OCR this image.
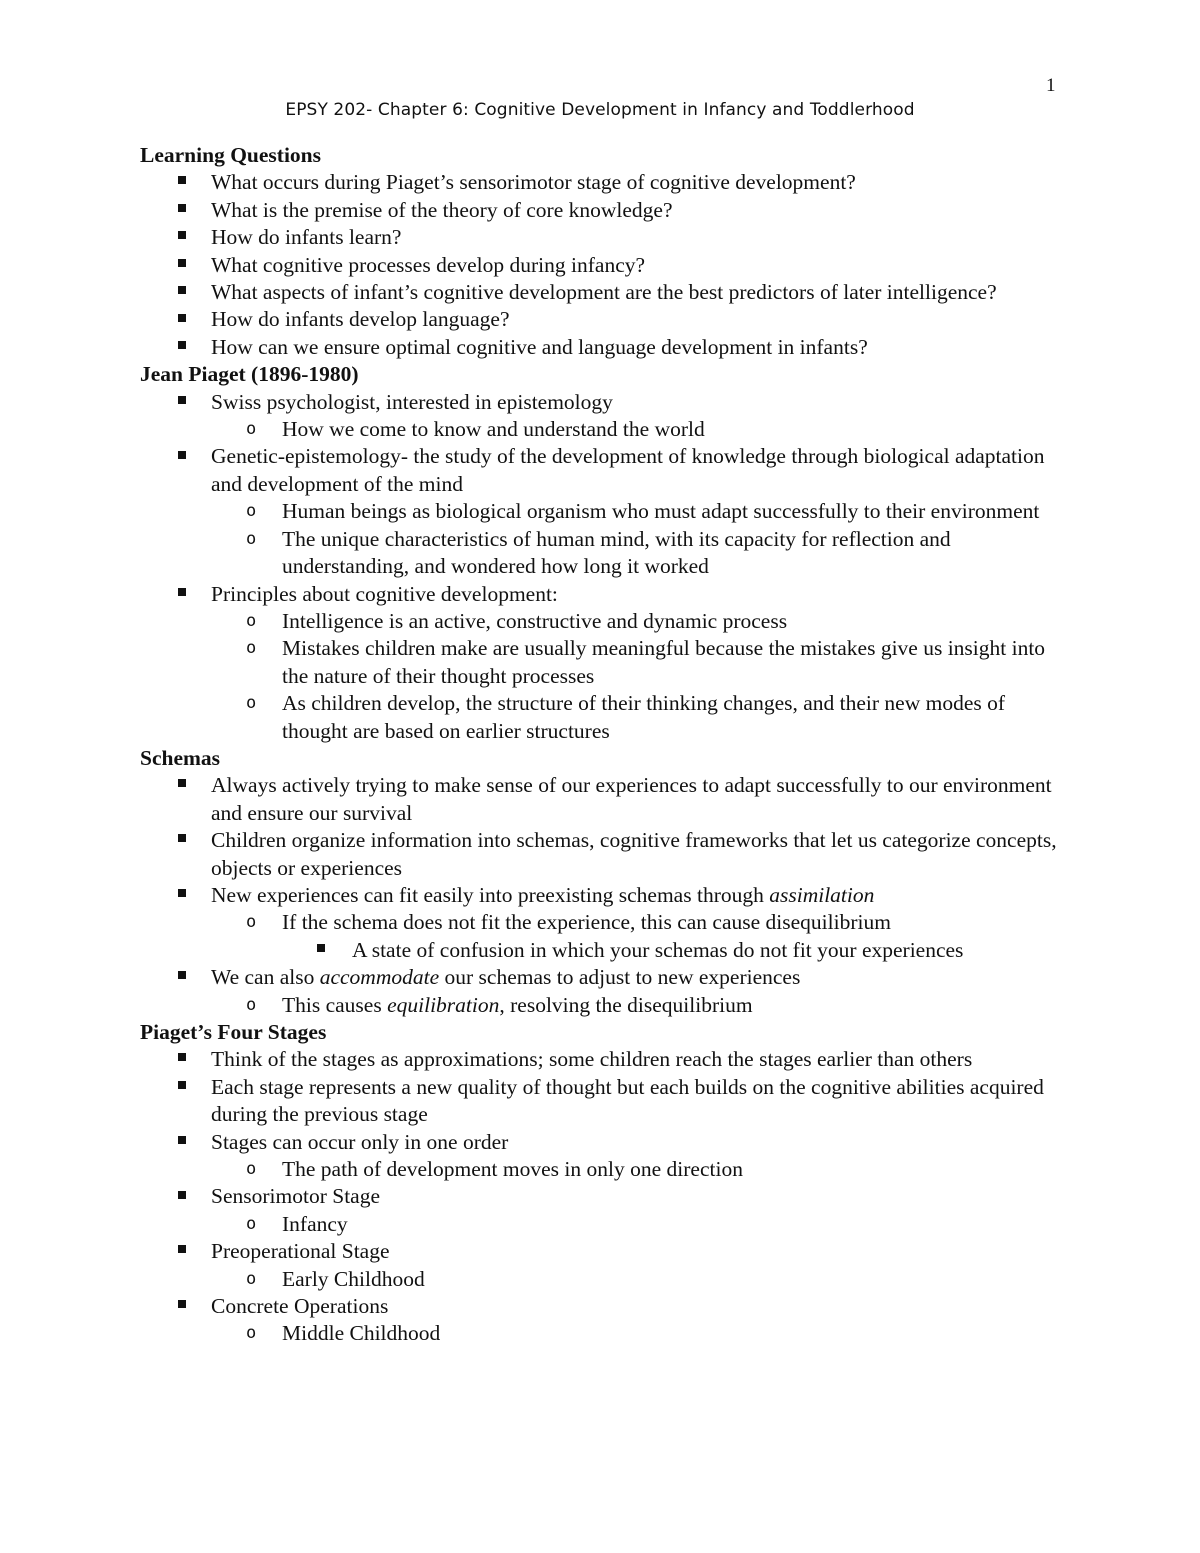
1
EPSY 202- Chapter 6: Cognitive Development in Infancy and Toddlerhood

Learning Questions

What occurs during Piaget’s sensorimotor stage of cognitive development?

What is the premise of the theory of core knowledge?

How do infants learn?

What cognitive processes develop during infancy?

What aspects of infant’s cognitive development are the best predictors of later intelligence?

How do infants develop language?

How can we ensure optimal cognitive and language development in infants?

Jean Piaget (1896-1980)

Swiss psychologist, interested in epistemology

o	How we come to know and understand the world

Genetic-epistemology- the study of the development of knowledge through biological adaptation and development of the mind

o	Human beings as biological organism who must adapt successfully to their environment

o	The unique characteristics of human mind, with its capacity for reflection and understanding, and wondered how long it worked

Principles about cognitive development:

o	Intelligence is an active, constructive and dynamic process

o	Mistakes children make are usually meaningful because the mistakes give us insight into the nature of their thought processes

o	As children develop, the structure of their thinking changes, and their new modes of thought are based on earlier structures

Schemas

Always actively trying to make sense of our experiences to adapt successfully to our environment and ensure our survival

Children organize information into schemas, cognitive frameworks that let us categorize concepts, objects or experiences

New experiences can fit easily into preexisting schemas through assimilation

o	If the schema does not fit the experience, this can cause disequilibrium

A state of confusion in which your schemas do not fit your experiences

We can also accommodate our schemas to adjust to new experiences

o	This causes equilibration, resolving the disequilibrium

Piaget’s Four Stages

Think of the stages as approximations; some children reach the stages earlier than others

Each stage represents a new quality of thought but each builds on the cognitive abilities acquired during the previous stage

Stages can occur only in one order

o	The path of development moves in only one direction

Sensorimotor Stage

o	Infancy

Preoperational Stage

o	Early Childhood

Concrete Operations

o	Middle Childhood
